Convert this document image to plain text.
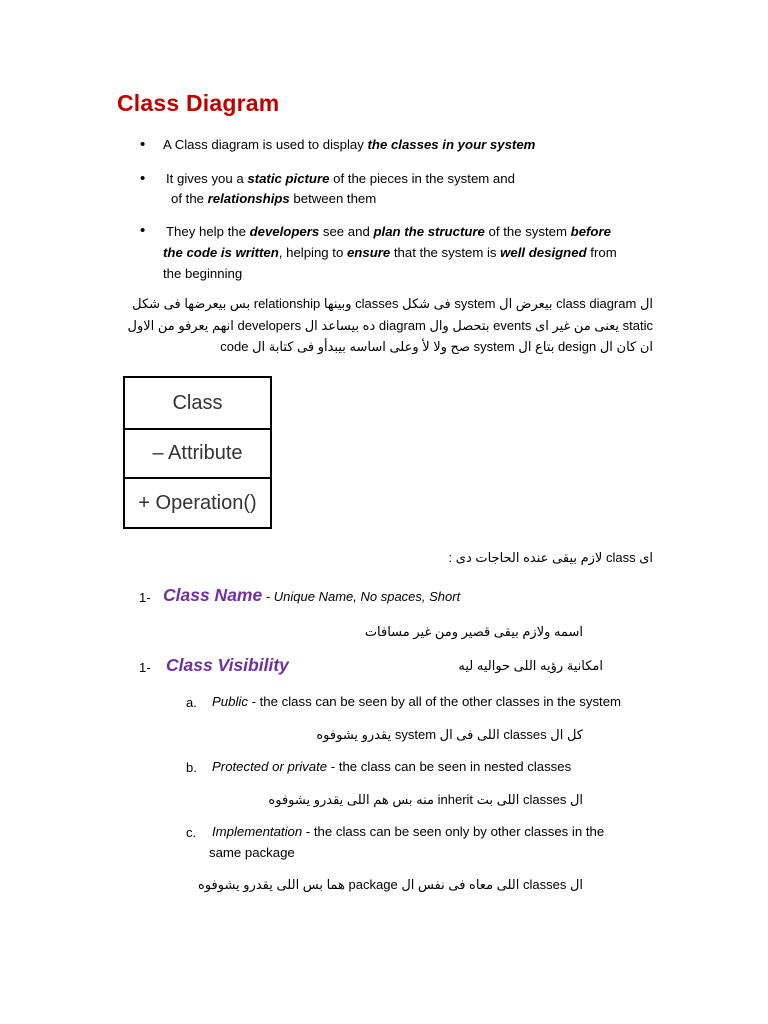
Class Diagram
• A Class diagram is used to display the classes in your system
• It gives you a static picture of the pieces in the system and
of the relationships between them
• They help the developers see and plan the structure of the system before
the code is written, helping to ensure that the system is well designed from
the beginning
ال class diagram بيعرض ال system فى شكل classes وبينها relationship بس بيعرضها فى شكل
static يعنى من غير اى events بتحصل وال diagram ده بيساعد ال developers انهم يعرفو من الاول
ان كان ال design بتاع ال system صح ولا لأ وعلى اساسه بيبدأو فى كتابة ال code
Class
– Attribute
+ Operation()
اى class لازم بيقى عنده الحاجات دى :
1- Class Name - Unique Name, No spaces, Short
اسمه ولازم بيقى قصير ومن غير مسافات
1- Class Visibility	امكانية رؤيه اللى حواليه ليه
a. Public - the class can be seen by all of the other classes in the system
كل ال classes اللى فى ال system يقدرو يشوفوه
b. Protected or private - the class can be seen in nested classes
ال classes اللى بت inherit منه بس هم اللى يقدرو يشوفوه
c. Implementation - the class can be seen only by other classes in the
same package
ال classes اللى معاه فى نفس ال package هما بس اللى يقدرو يشوفوه
